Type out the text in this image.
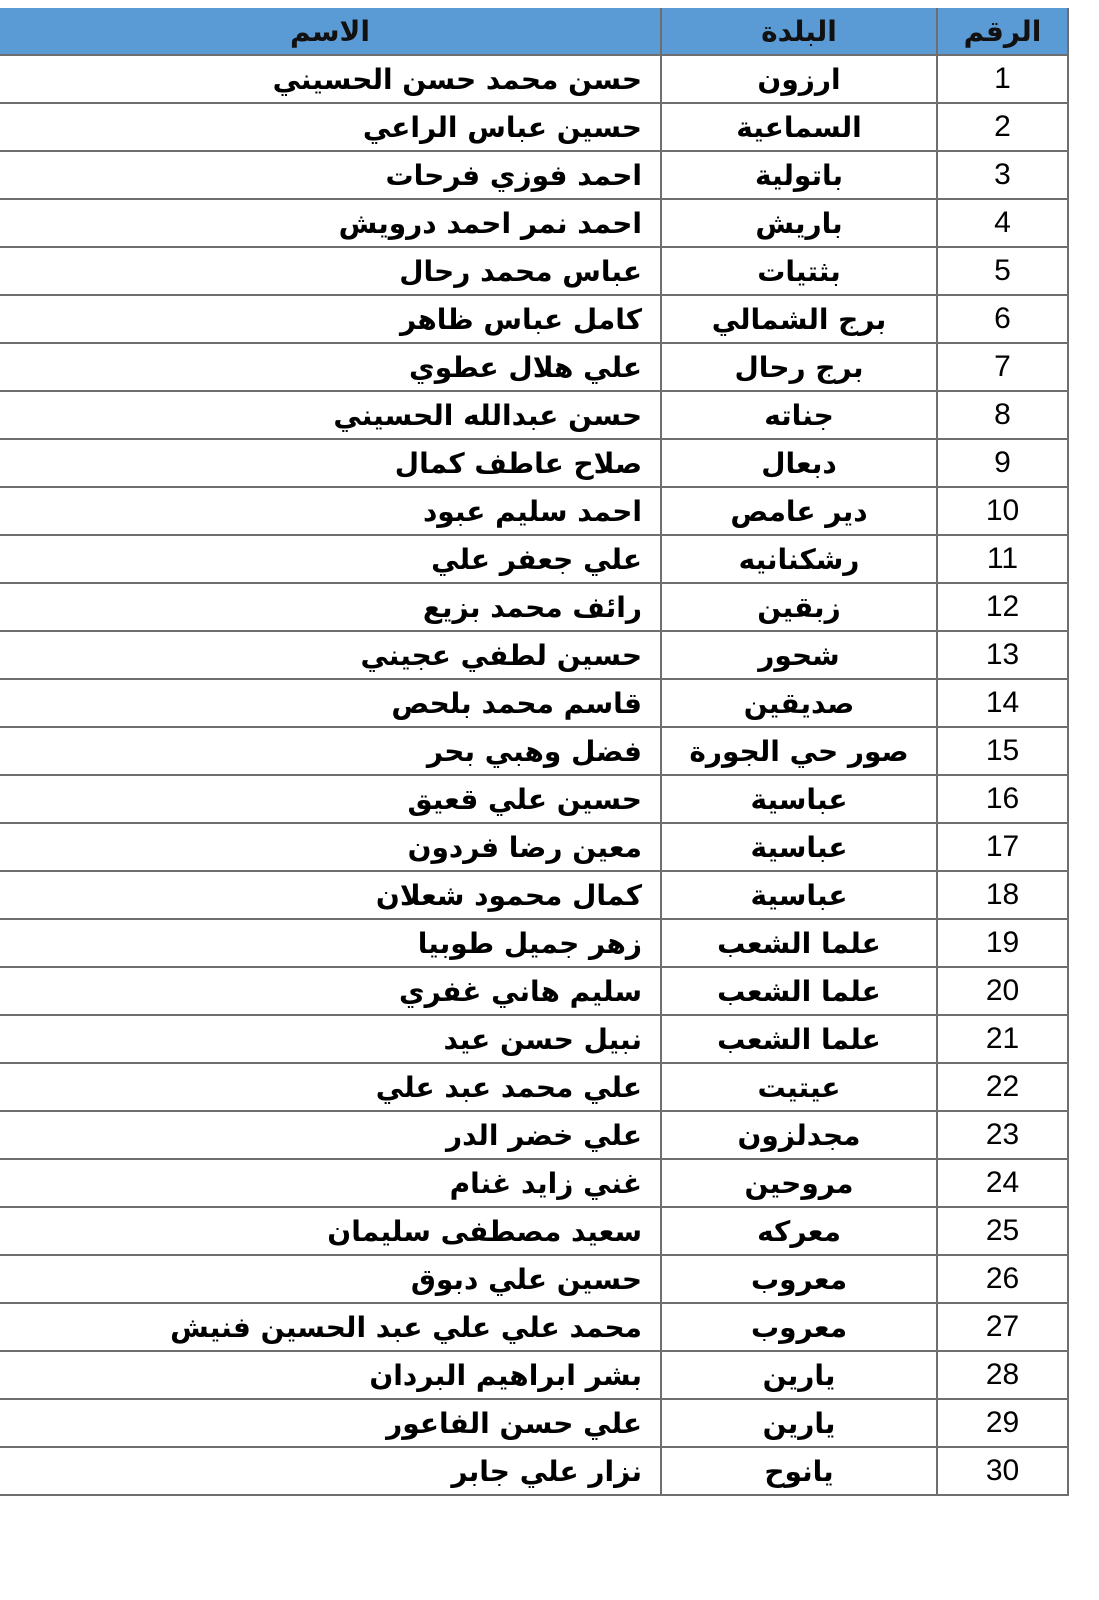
الرقم	البلدة	الاسم
1	ارزون	حسن محمد حسن الحسيني
2	السماعية	حسين عباس الراعي
3	باتولية	احمد فوزي فرحات
4	باريش	احمد نمر احمد درويش
5	بثتيات	عباس محمد رحال
6	برج الشمالي	كامل عباس ظاهر
7	برج رحال	علي هلال عطوي
8	جناته	حسن عبدالله الحسيني
9	دبعال	صلاح عاطف كمال
10	دير عامص	احمد سليم عبود
11	رشكنانيه	علي جعفر علي
12	زبقين	رائف محمد بزيع
13	شحور	حسين لطفي عجيني
14	صديقين	قاسم محمد بلحص
15	صور حي الجورة	فضل وهبي بحر
16	عباسية	حسين علي قعيق
17	عباسية	معين رضا فردون
18	عباسية	كمال محمود شعلان
19	علما الشعب	زهر جميل طوبيا
20	علما الشعب	سليم هاني غفري
21	علما الشعب	نبيل حسن عيد
22	عيتيت	علي محمد عبد علي
23	مجدلزون	علي خضر الدر
24	مروحين	غني زايد غنام
25	معركه	سعيد مصطفى سليمان
26	معروب	حسين علي دبوق
27	معروب	محمد علي علي عبد الحسين فنيش
28	يارين	بشر ابراهيم البردان
29	يارين	علي حسن الفاعور
30	يانوح	نزار علي جابر
